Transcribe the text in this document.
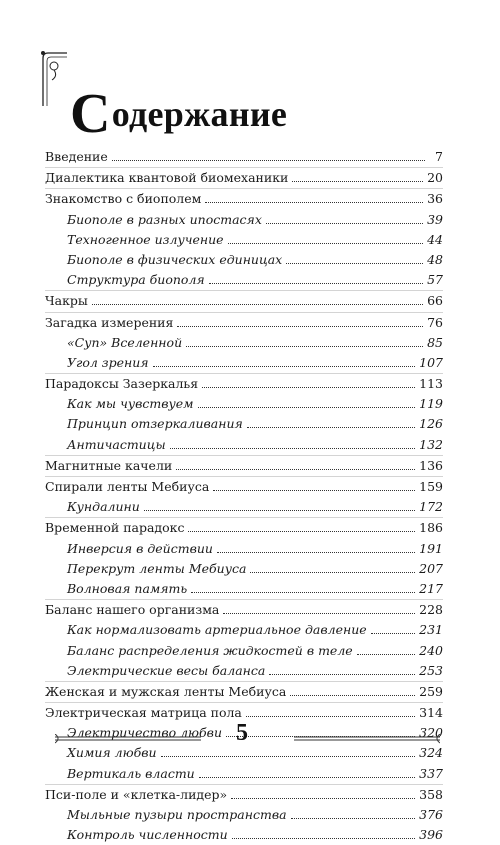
Содержание
Введение	7
Диалектика квантовой биомеханики	20
Знакомство с биополем	36
Биополе в разных ипостасях	39
Техногенное излучение	44
Биополе в физических единицах	48
Структура биополя	57
Чакры	66
Загадка измерения	76
«Суп» Вселенной	85
Угол зрения	107
Парадоксы Зазеркалья	113
Как мы чувствуем	119
Принцип отзеркаливания	126
Античастицы	132
Магнитные качели	136
Спирали ленты Мебиуса	159
Кундалини	172
Временной парадокс	186
Инверсия в действии	191
Перекрут ленты Мебиуса	207
Волновая память	217
Баланс нашего организма	228
Как нормализовать артериальное давление	231
Баланс распределения жидкостей в теле	240
Электрические весы баланса	253
Женская и мужская ленты Мебиуса	259
Электрическая матрица пола	314
Электричество любви	320
Химия любви	324
Вертикаль власти	337
Пси-поле и «клетка-лидер»	358
Мыльные пузыри пространства	376
Контроль численности	396
5
